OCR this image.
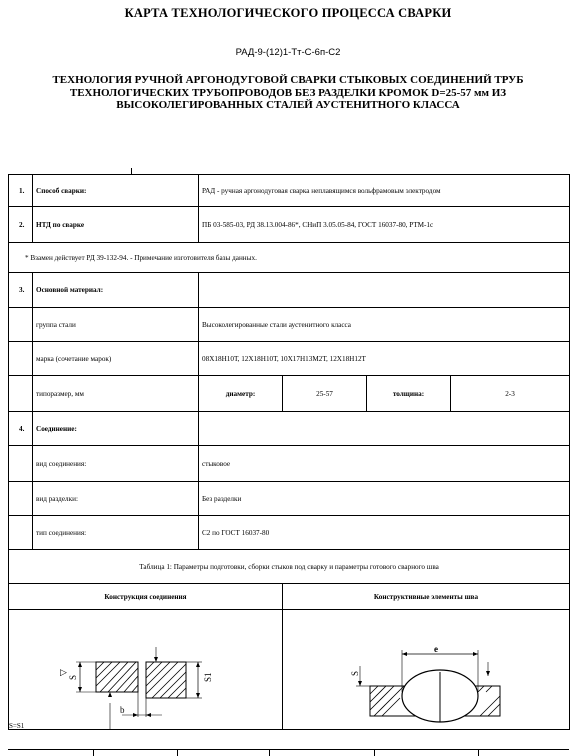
КАРТА ТЕХНОЛОГИЧЕСКОГО ПРОЦЕССА СВАРКИ
РАД-9-(12)1-Тт-С-6п-С2
ТЕХНОЛОГИЯ РУЧНОЙ АРГОНОДУГОВОЙ СВАРКИ СТЫКОВЫХ СОЕДИНЕНИЙ ТРУБ ТЕХНОЛОГИЧЕСКИХ ТРУБОПРОВОДОВ БЕЗ РАЗДЕЛКИ КРОМОК D=25-57 мм ИЗ ВЫСОКОЛЕГИРОВАННЫХ СТАЛЕЙ АУСТЕНИТНОГО КЛАССА
1.	Способ сварки:	РАД - ручная аргонодуговая сварка неплавящимся вольфрамовым электродом			
2.	НТД по сварке	ПБ 03-585-03, РД 38.13.004-86*, СНиП 3.05.05-84, ГОСТ 16037-80, РТМ-1с			
* Взамен действует РД 39-132-94. - Примечание изготовителя базы данных.					
3.	Основной материал:				
	группа стали	Высоколегированные стали аустенитного класса			
	марка (сочетание марок)	08Х18Н10Т, 12Х18Н10Т, 10Х17Н13М2Т, 12Х18Н12Т			
	типоразмер, мм	диаметр:	25-57	толщина:	2-3
4.	Соединение:				
	вид соединения:	стыковое			
	вид разделки:	Без разделки			
	тип соединения:	С2 по ГОСТ 16037-80			
Таблица 1: Параметры подготовки, сборки стыков под сварку и параметры готового сварного шва					
Конструкция соединения			Конструктивные элементы шва		

S	S1
b
▷
e
S
S=S1
